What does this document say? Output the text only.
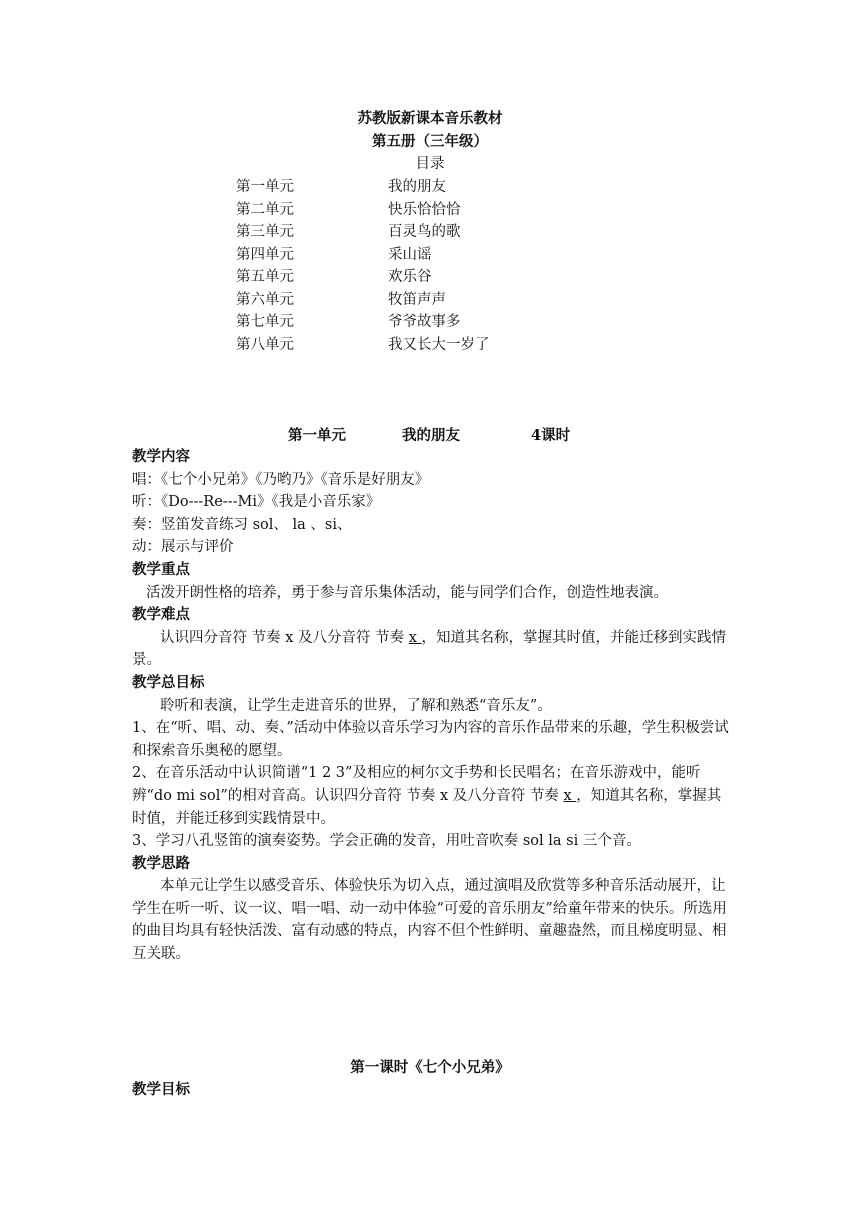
苏教版新课本音乐教材
第五册（三年级）
目录
第一单元	我的朋友
第二单元	快乐恰恰恰
第三单元	百灵鸟的歌
第四单元	采山谣
第五单元	欢乐谷
第六单元	牧笛声声
第七单元	爷爷故事多
第八单元	我又长大一岁了
第一单元	我的朋友	4课时

教学内容

唱：《七个小兄弟》《乃哟乃》《音乐是好朋友》

听：《Do---Re---Mi》《我是小音乐家》

奏：竖笛发音练习 sol、 la 、si、

动：展示与评价

教学重点

活泼开朗性格的培养，勇于参与音乐集体活动，能与同学们合作，创造性地表演。

教学难点

认识四分音符 节奏 x 及八分音符 节奏 x ，知道其名称，掌握其时值，并能迁移到实践情景。

教学总目标

聆听和表演，让学生走进音乐的世界，了解和熟悉“音乐友”。

1、在“听、唱、动、奏、”活动中体验以音乐学习为内容的音乐作品带来的乐趣，学生积极尝试和探索音乐奥秘的愿望。

2、在音乐活动中认识简谱“1 2 3”及相应的柯尔文手势和长民唱名；在音乐游戏中，能听辨“do mi sol”的相对音高。认识四分音符 节奏 x 及八分音符 节奏 x ，知道其名称，掌握其时值，并能迁移到实践情景中。

3、学习八孔竖笛的演奏姿势。学会正确的发音，用吐音吹奏 sol la si 三个音。

教学思路

本单元让学生以感受音乐、体验快乐为切入点，通过演唱及欣赏等多种音乐活动展开，让学生在听一听、议一议、唱一唱、动一动中体验“可爱的音乐朋友”给童年带来的快乐。所选用的曲目均具有轻快活泼、富有动感的特点，内容不但个性鲜明、童趣盎然，而且梯度明显、相互关联。

第一课时《七个小兄弟》
教学目标
